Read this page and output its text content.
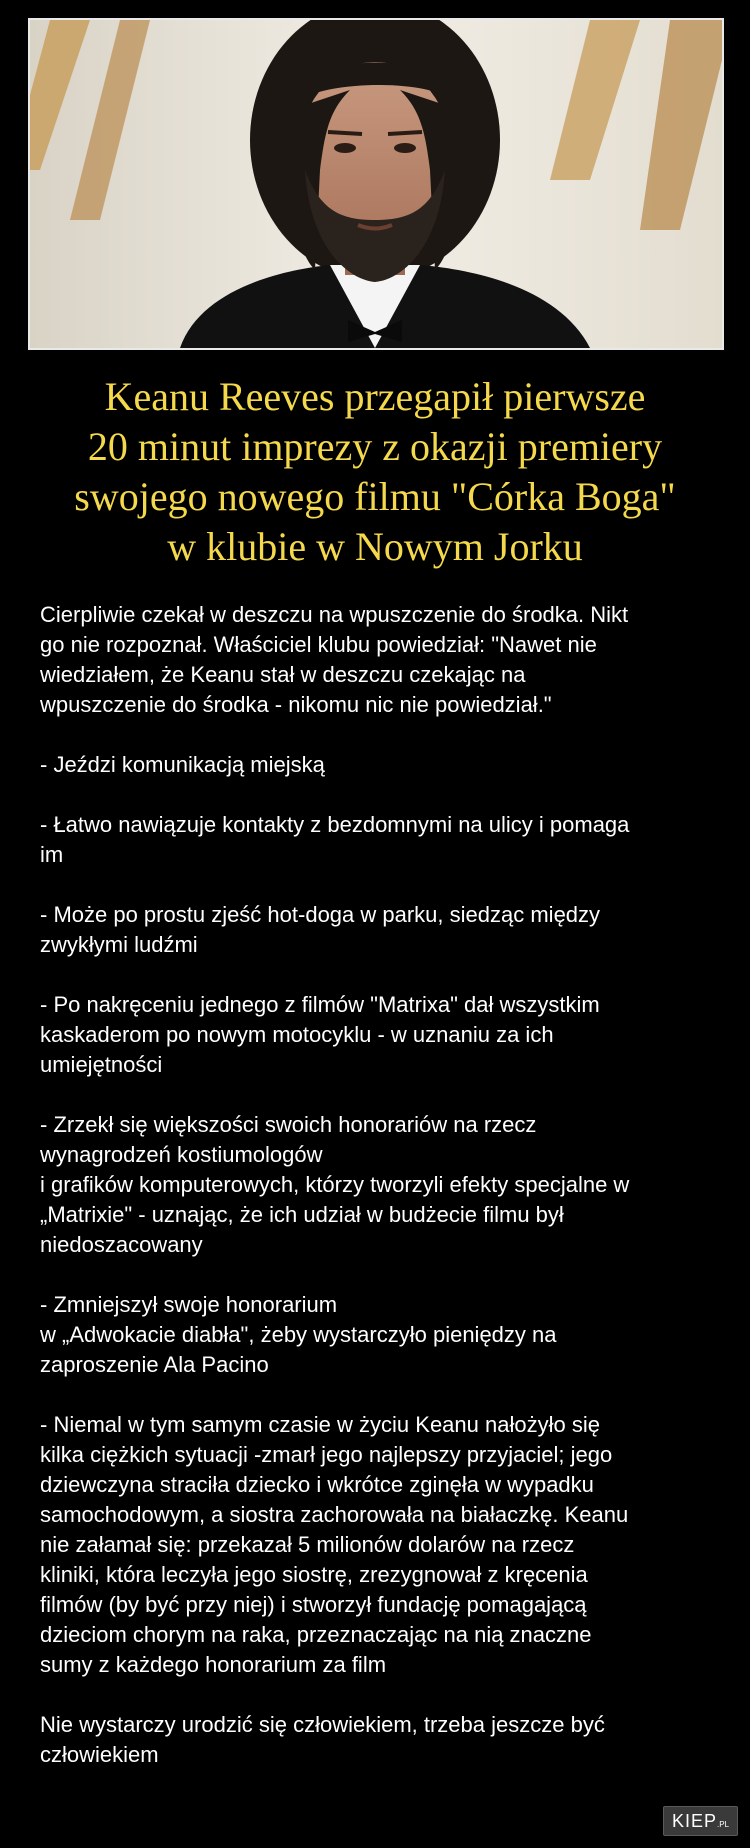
Keanu Reeves przegapił pierwsze
20 minut imprezy z okazji premiery
swojego nowego filmu "Córka Boga"
w klubie w Nowym Jorku

Cierpliwie czekał w deszczu na wpuszczenie do środka. Nikt
go nie rozpoznał. Właściciel klubu powiedział: "Nawet nie
wiedziałem, że Keanu stał w deszczu czekając na
wpuszczenie do środka - nikomu nic nie powiedział."

- Jeździ komunikacją miejską

- Łatwo nawiązuje kontakty z bezdomnymi na ulicy i pomaga
im

- Może po prostu zjeść hot-doga w parku, siedząc między
zwykłymi ludźmi

- Po nakręceniu jednego z filmów "Matrixa" dał wszystkim
kaskaderom po nowym motocyklu - w uznaniu za ich
umiejętności

- Zrzekł się większości swoich honorariów na rzecz
wynagrodzeń kostiumologów
i grafików komputerowych, którzy tworzyli efekty specjalne w
„Matrixie" - uznając, że ich udział w budżecie filmu był
niedoszacowany

- Zmniejszył swoje honorarium
w „Adwokacie diabła", żeby wystarczyło pieniędzy na
zaproszenie Ala Pacino

- Niemal w tym samym czasie w życiu Keanu nałożyło się
kilka ciężkich sytuacji -zmarł jego najlepszy przyjaciel; jego
dziewczyna straciła dziecko i wkrótce zginęła w wypadku
samochodowym, a siostra zachorowała na białaczkę. Keanu
nie załamał się: przekazał 5 milionów dolarów na rzecz
kliniki, która leczyła jego siostrę, zrezygnował z kręcenia
filmów (by być przy niej) i stworzył fundację pomagającą
dzieciom chorym na raka, przeznaczając na nią znaczne
sumy z każdego honorarium za film

Nie wystarczy urodzić się człowiekiem, trzeba jeszcze być
człowiekiem

KIEP.PL
